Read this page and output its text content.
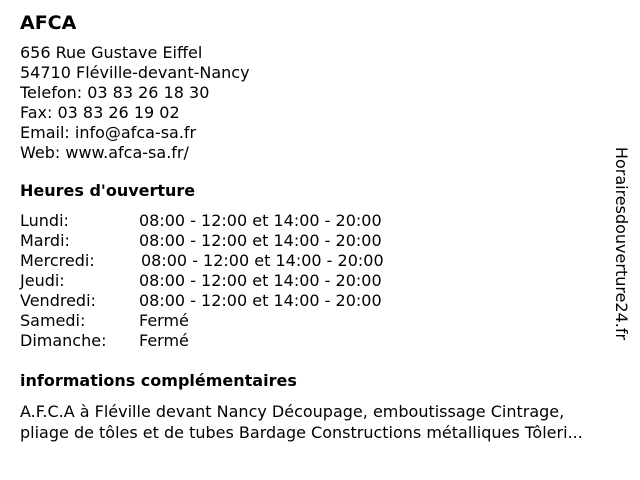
AFCA
656 Rue Gustave Eiffel
54710 Fléville-devant-Nancy
Telefon: 03 83 26 18 30
Fax: 03 83 26 19 02
Email: info@afca-sa.fr
Web: www.afca-sa.fr/
Heures d'ouverture
Lundi:	08:00 - 12:00 et 14:00 - 20:00
Mardi:	08:00 - 12:00 et 14:00 - 20:00
Mercredi:	08:00 - 12:00 et 14:00 - 20:00
Jeudi:	08:00 - 12:00 et 14:00 - 20:00
Vendredi:	08:00 - 12:00 et 14:00 - 20:00
Samedi:	Fermé
Dimanche: Fermé
informations complémentaires
A.F.C.A à Fléville devant Nancy Découpage, emboutissage Cintrage,
pliage de tôles et de tubes Bardage Constructions métalliques Tôleri...
Horairesdouverture24.fr
